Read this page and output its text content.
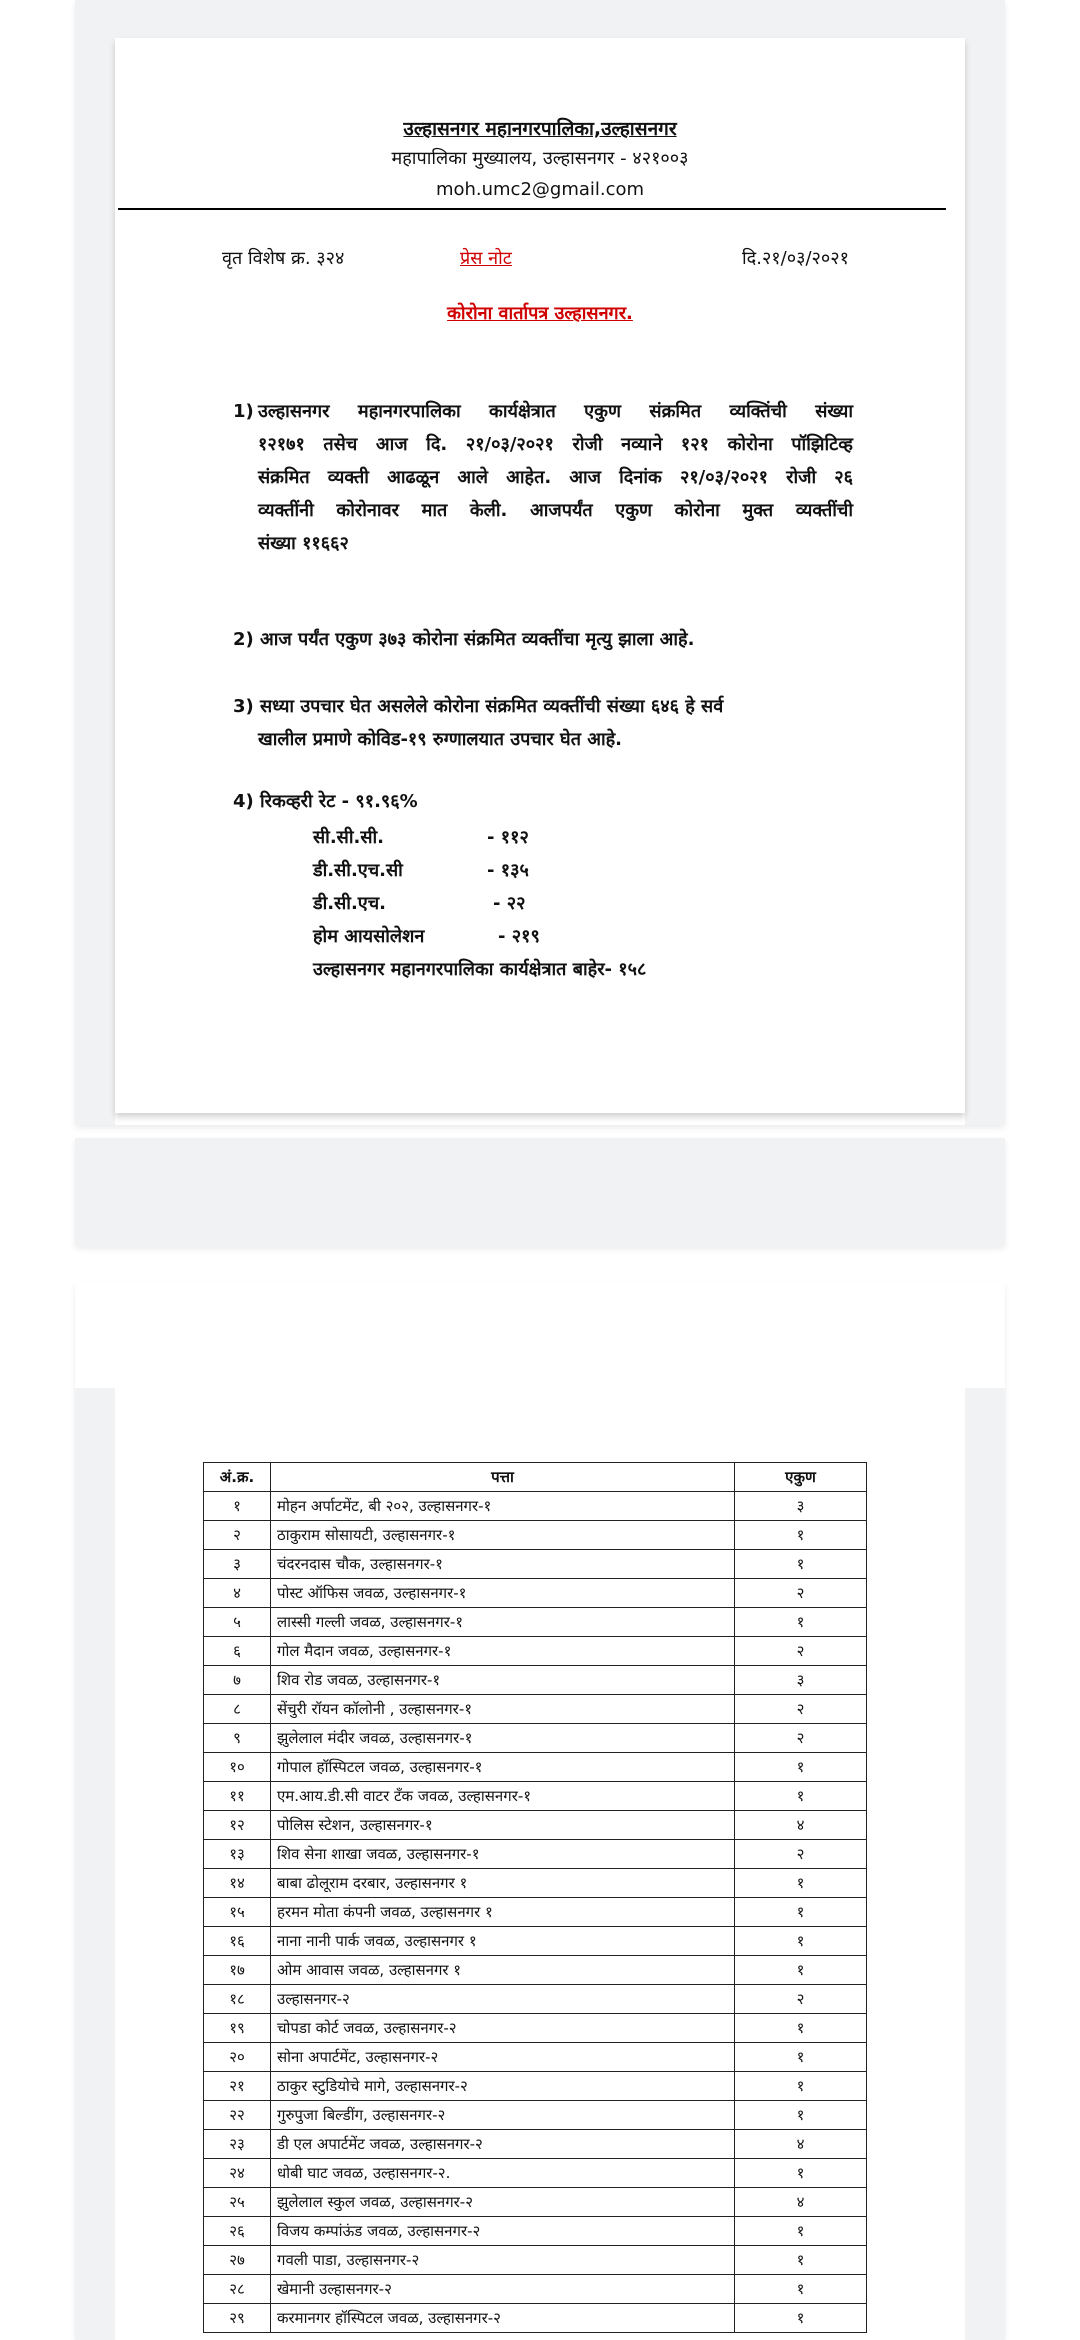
उल्हासनगर महानगरपालिका,उल्हासनगर
महापालिका मुख्यालय, उल्हासनगर - ४२१००३
moh.umc2@gmail.com
वृत विशेष क्र. ३२४	प्रेस नोट	दि.२१/०३/२०२१
कोरोना वार्तापत्र उल्हासनगर.
1) उल्हासनगर महानगरपालिका कार्यक्षेत्रात एकुण संक्रमित व्यक्तिंची संख्या
१२१७१ तसेच आज दि. २१/०३/२०२१ रोजी नव्याने १२१ कोरोना पॉझिटिव्ह
संक्रमित व्यक्ती आढळून आले आहेत. आज दिनांक २१/०३/२०२१ रोजी २६
व्यक्तींनी कोरोनावर मात केली. आजपर्यंत एकुण कोरोना मुक्त व्यक्तींची
संख्या ११६६२
2) आज पर्यंत एकुण ३७३ कोरोना संक्रमित व्यक्तींचा मृत्यु झाला आहे.
3) सध्या उपचार घेत असलेले कोरोना संक्रमित व्यक्तींची संख्या ६४६ हे सर्व
खालील प्रमाणे कोविड-१९ रुग्णालयात उपचार घेत आहे.
4) रिकव्हरी रेट - ९१.९६%
सी.सी.सी.	- ११२
डी.सी.एच.सी	- १३५
डी.सी.एच.	- २२
होम आयसोलेशन	- २१९
उल्हासनगर महानगरपालिका कार्यक्षेत्रात बाहेर- १५८
अं.क्र.	पत्ता	एकुण
१	मोहन अर्पाटमेंट, बी २०२, उल्हासनगर-१	३
२	ठाकुराम सोसायटी, उल्हासनगर-१	१
३	चंदरनदास चौक, उल्हासनगर-१	१
४	पोस्ट ऑफिस जवळ, उल्हासनगर-१	२
५	लास्सी गल्ली जवळ, उल्हासनगर-१	१
६	गोल मैदान जवळ, उल्हासनगर-१	२
७	शिव रोड जवळ, उल्हासनगर-१	३
८	सेंचुरी रॉयन कॉलोनी , उल्हासनगर-१	२
९	झुलेलाल मंदीर जवळ, उल्हासनगर-१	२
१०	गोपाल हॉस्पिटल जवळ, उल्हासनगर-१	१
११	एम.आय.डी.सी वाटर टँक जवळ, उल्हासनगर-१	१
१२	पोलिस स्टेशन, उल्हासनगर-१	४
१३	शिव सेना शाखा जवळ, उल्हासनगर-१	२
१४	बाबा ढोलूराम दरबार, उल्हासनगर १	१
१५	हरमन मोता कंपनी जवळ, उल्हासनगर १	१
१६	नाना नानी पार्क जवळ, उल्हासनगर १	१
१७	ओम आवास जवळ, उल्हासनगर १	१
१८	उल्हासनगर-२	२
१९	चोपडा कोर्ट जवळ, उल्हासनगर-२	१
२०	सोना अपार्टमेंट, उल्हासनगर-२	१
२१	ठाकुर स्टुडियोचे मागे, उल्हासनगर-२	१
२२	गुरुपुजा बिल्डींग, उल्हासनगर-२	१
२३	डी एल अपार्टमेंट जवळ, उल्हासनगर-२	४
२४	धोबी घाट जवळ, उल्हासनगर-२.	१
२५	झुलेलाल स्कुल जवळ, उल्हासनगर-२	४
२६	विजय कम्पांऊंड जवळ, उल्हासनगर-२	१
२७	गवली पाडा, उल्हासनगर-२	१
२८	खेमानी उल्हासनगर-२	१
२९	करमानगर हॉस्पिटल जवळ, उल्हासनगर-२	१
